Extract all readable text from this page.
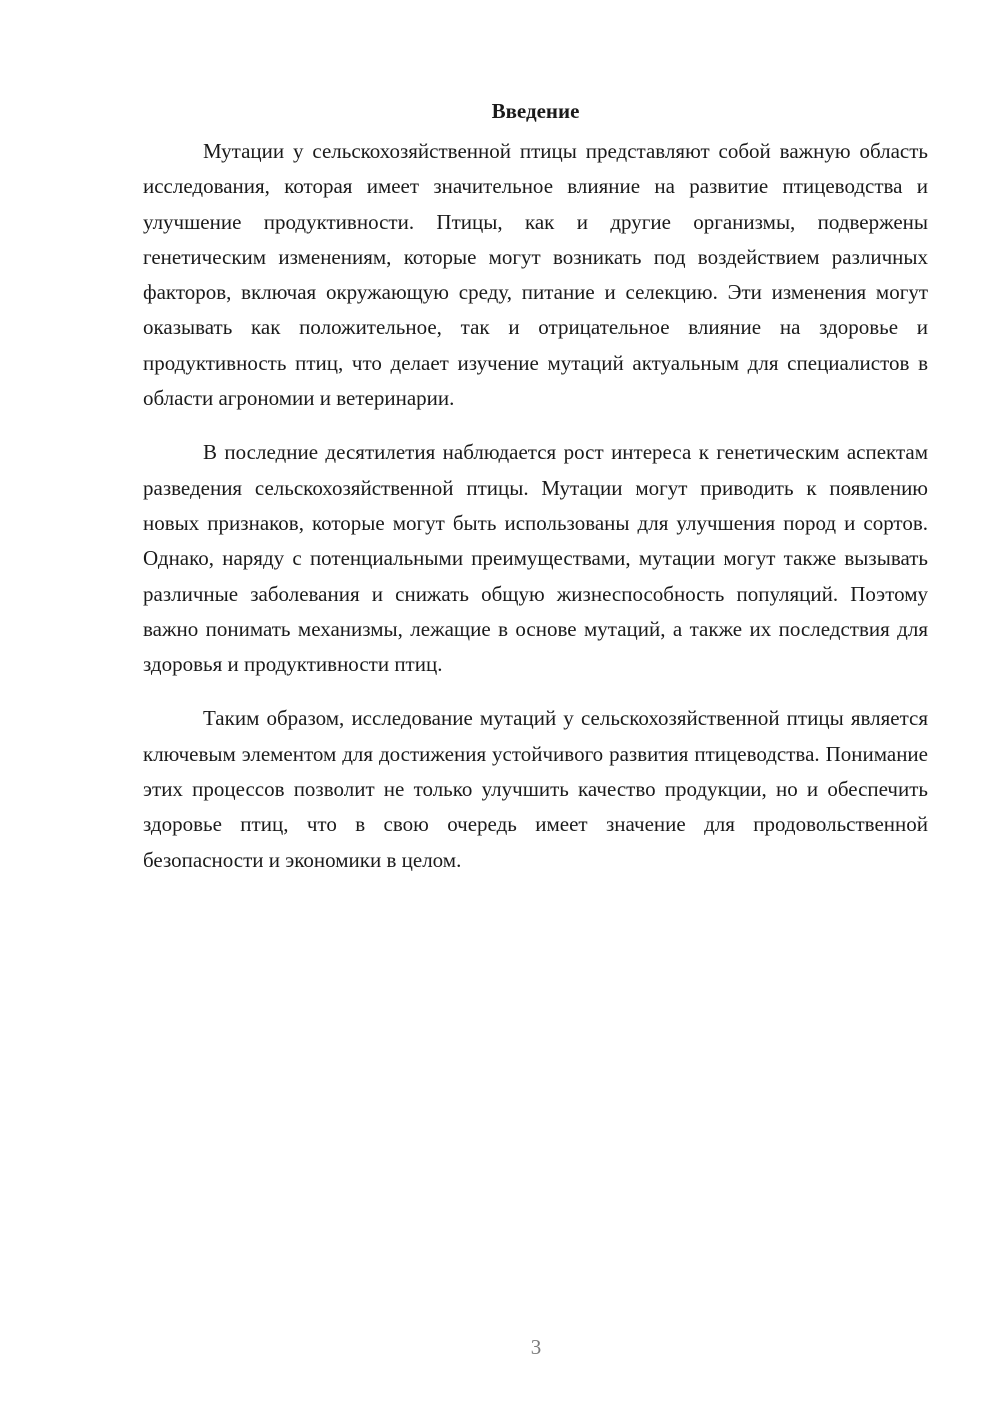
Введение

Мутации у сельскохозяйственной птицы представляют собой важную область исследования, которая имеет значительное влияние на развитие птицеводства и улучшение продуктивности. Птицы, как и другие организмы, подвержены генетическим изменениям, которые могут возникать под воздействием различных факторов, включая окружающую среду, питание и селекцию. Эти изменения могут оказывать как положительное, так и отрицательное влияние на здоровье и продуктивность птиц, что делает изучение мутаций актуальным для специалистов в области агрономии и ветеринарии.

В последние десятилетия наблюдается рост интереса к генетическим аспектам разведения сельскохозяйственной птицы. Мутации могут приводить к появлению новых признаков, которые могут быть использованы для улучшения пород и сортов. Однако, наряду с потенциальными преимуществами, мутации могут также вызывать различные заболевания и снижать общую жизнеспособность популяций. Поэтому важно понимать механизмы, лежащие в основе мутаций, а также их последствия для здоровья и продуктивности птиц.

Таким образом, исследование мутаций у сельскохозяйственной птицы является ключевым элементом для достижения устойчивого развития птицеводства. Понимание этих процессов позволит не только улучшить качество продукции, но и обеспечить здоровье птиц, что в свою очередь имеет значение для продовольственной безопасности и экономики в целом.

3
